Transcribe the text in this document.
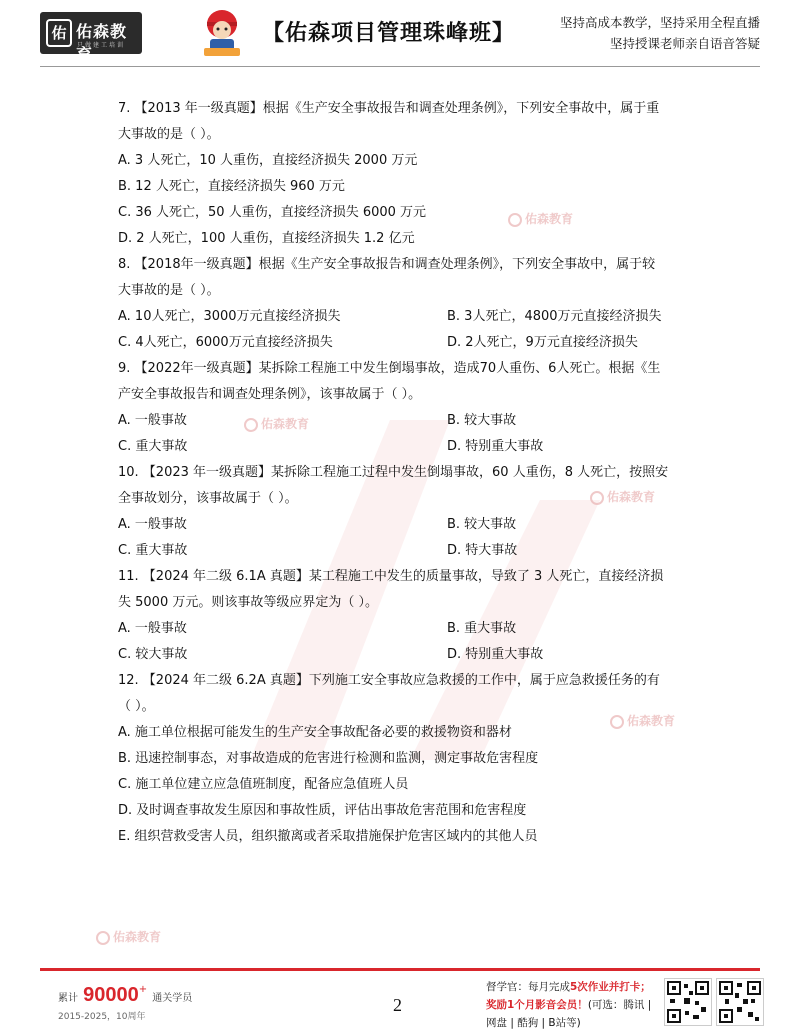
佑 佑森教育
只做建工培训	【佑森项目管理珠峰班】	坚持高成本教学，坚持采用全程直播
坚持授课老师亲自语音答疑
佑森教育
佑森教育
佑森教育
佑森教育
佑森教育
7. 【2013 年一级真题】根据《生产安全事故报告和调查处理条例》，下列安全事故中，属于重
大事故的是（ ）。
A. 3 人死亡，10 人重伤，直接经济损失 2000 万元
B. 12 人死亡，直接经济损失 960 万元
C. 36 人死亡，50 人重伤，直接经济损失 6000 万元
D. 2 人死亡，100 人重伤，直接经济损失 1.2 亿元
8. 【2018年一级真题】根据《生产安全事故报告和调查处理条例》，下列安全事故中，属于较
大事故的是（ ）。
A. 10人死亡，3000万元直接经济损失	B. 3人死亡，4800万元直接经济损失
C. 4人死亡，6000万元直接经济损失	D. 2人死亡，9万元直接经济损失
9. 【2022年一级真题】某拆除工程施工中发生倒塌事故，造成70人重伤、6人死亡。根据《生
产安全事故报告和调查处理条例》，该事故属于（ ）。
A. 一般事故	B. 较大事故
C. 重大事故	D. 特别重大事故
10. 【2023 年一级真题】某拆除工程施工过程中发生倒塌事故，60 人重伤，8 人死亡，按照安
全事故划分，该事故属于（ ）。
A. 一般事故	B. 较大事故
C. 重大事故	D. 特大事故
11. 【2024 年二级 6.1A 真题】某工程施工中发生的质量事故，导致了 3 人死亡，直接经济损
失 5000 万元。则该事故等级应界定为（ ）。
A. 一般事故	B. 重大事故
C. 较大事故	D. 特别重大事故
12. 【2024 年二级 6.2A 真题】下列施工安全事故应急救援的工作中，属于应急救援任务的有
（ ）。
A. 施工单位根据可能发生的生产安全事故配备必要的救援物资和器材
B. 迅速控制事态，对事故造成的危害进行检测和监测，测定事故危害程度
C. 施工单位建立应急值班制度，配备应急值班人员
D. 及时调查事故发生原因和事故性质，评估出事故危害范围和危害程度
E. 组织营救受害人员，组织撤离或者采取措施保护危害区域内的其他人员
累计 90000+ 通关学员
2015-2025，10周年
2
督学官：每月完成5次作业并打卡；
奖励1个月影音会员！(可选：腾讯 |
网盘 | 酷狗 | B站等)
